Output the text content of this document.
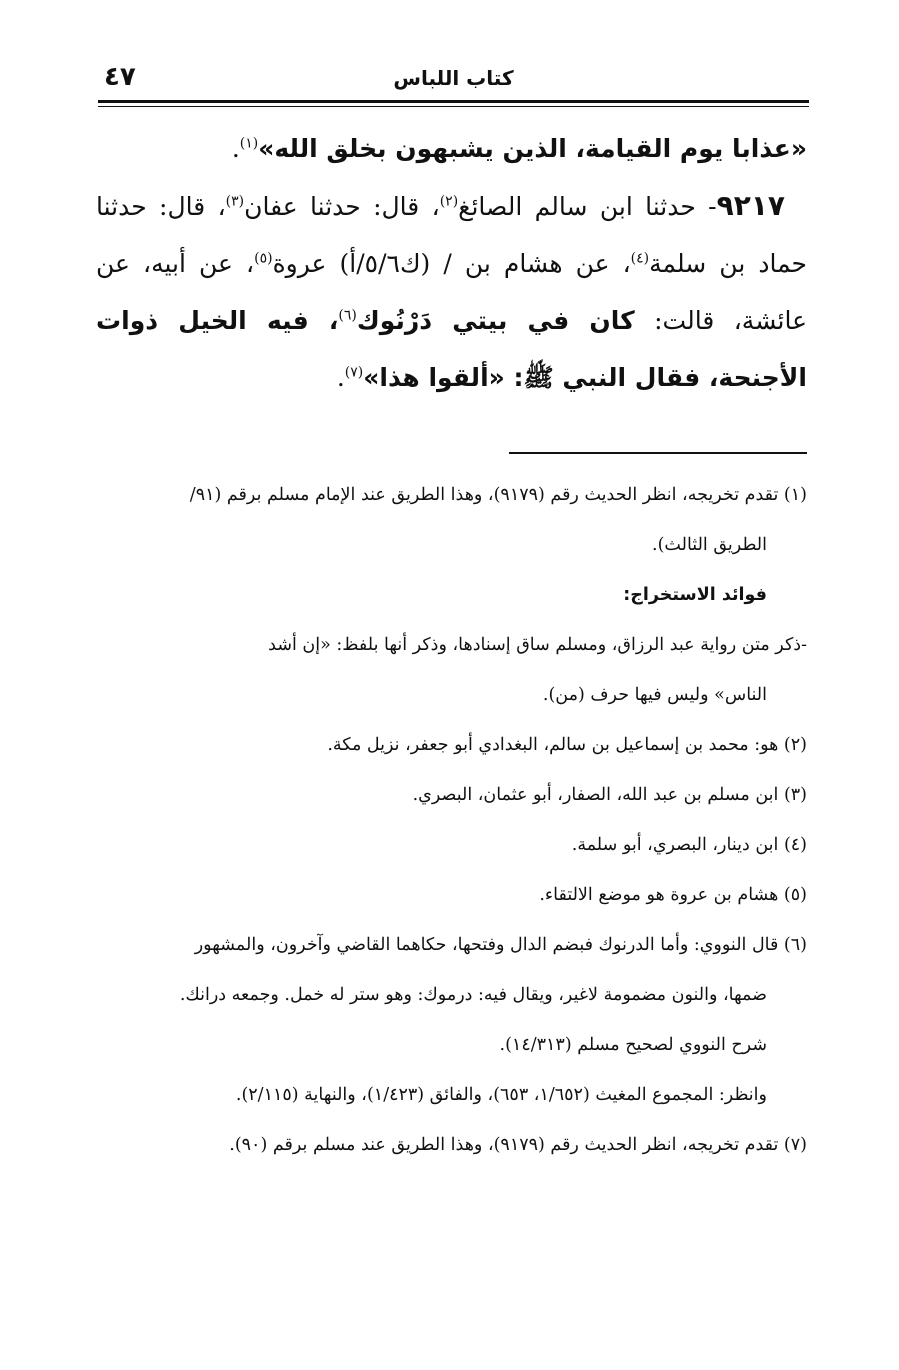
كتاب اللباس
٤٧

«عذابا يوم القيامة، الذين يشبهون بخلق الله»$^{(١)}$.

٩٢١٧- حدثنا ابن سالم الصائغ$^{(٢)}$، قال: حدثنا عفان$^{(٣)}$، قال: حدثنا حماد بن سلمة$^{(٤)}$، عن هشام بن / (ك٥/٦/أ) عروة$^{(٥)}$، عن أبيه، عن عائشة، قالت: كان في بيتي دَرْنُوك$^{(٦)}$، فيه الخيل ذوات الأجنحة، فقال النبي ﷺ: «ألقوا هذا»$^{(٧)}$.

(١) تقدم تخريجه، انظر الحديث رقم (٩١٧٩)، وهذا الطريق عند الإمام مسلم برقم (٩١/

الطريق الثالث).

فوائد الاستخراج:

-ذكر متن رواية عبد الرزاق، ومسلم ساق إسنادها، وذكر أنها بلفظ: «إن أشد

الناس» وليس فيها حرف (من).

(٢) هو: محمد بن إسماعيل بن سالم، البغدادي أبو جعفر، نزيل مكة.

(٣) ابن مسلم بن عبد الله، الصفار، أبو عثمان، البصري.

(٤) ابن دينار، البصري، أبو سلمة.

(٥) هشام بن عروة هو موضع الالتقاء.

(٦) قال النووي: وأما الدرنوك فبضم الدال وفتحها، حكاهما القاضي وآخرون، والمشهور

ضمها، والنون مضمومة لاغير، ويقال فيه: درموك: وهو ستر له خمل. وجمعه درانك.

شرح النووي لصحيح مسلم (١٤/٣١٣).

وانظر: المجموع المغيث (١/٦٥٢، ٦٥٣)، والفائق (١/٤٢٣)، والنهاية (٢/١١٥).

(٧) تقدم تخريجه، انظر الحديث رقم (٩١٧٩)، وهذا الطريق عند مسلم برقم (٩٠).
